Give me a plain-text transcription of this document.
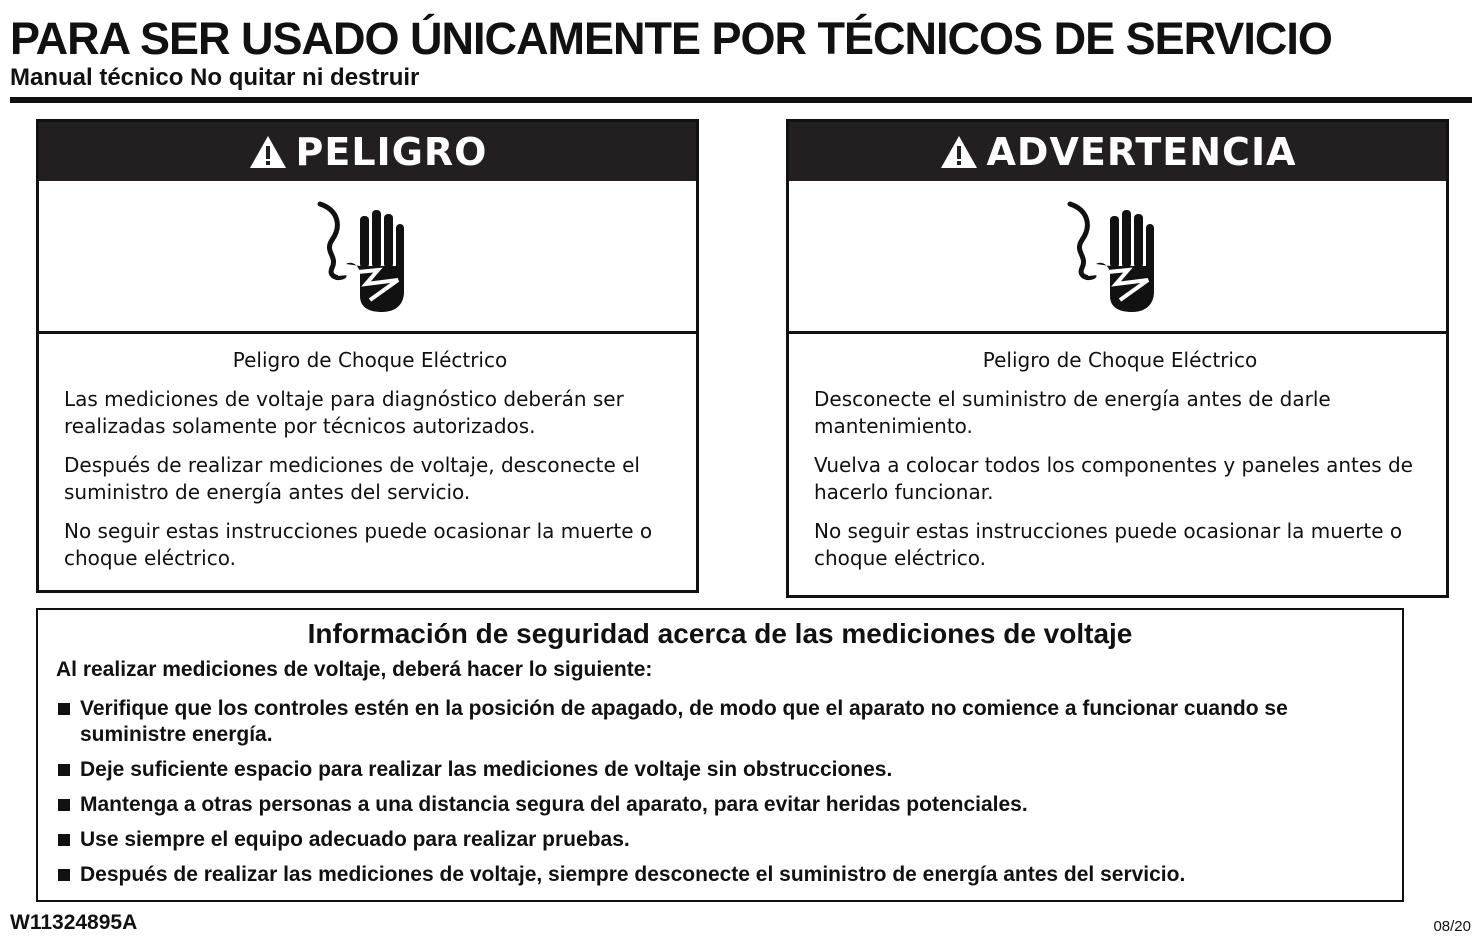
PARA SER USADO ÚNICAMENTE POR TÉCNICOS DE SERVICIO
Manual técnico No quitar ni destruir
PELIGRO
Peligro de Choque Eléctrico
Las mediciones de voltaje para diagnóstico deberán ser realizadas solamente por técnicos autorizados.
Después de realizar mediciones de voltaje, desconecte el suministro de energía antes del servicio.
No seguir estas instrucciones puede ocasionar la muerte o choque eléctrico.
ADVERTENCIA
Peligro de Choque Eléctrico
Desconecte el suministro de energía antes de darle mantenimiento.
Vuelva a colocar todos los componentes y paneles antes de hacerlo funcionar.
No seguir estas instrucciones puede ocasionar la muerte o choque eléctrico.
Información de seguridad acerca de las mediciones de voltaje
Al realizar mediciones de voltaje, deberá hacer lo siguiente:
Verifique que los controles estén en la posición de apagado, de modo que el aparato no comience a funcionar cuando se suministre energía.
Deje suficiente espacio para realizar las mediciones de voltaje sin obstrucciones.
Mantenga a otras personas a una distancia segura del aparato, para evitar heridas potenciales.
Use siempre el equipo adecuado para realizar pruebas.
Después de realizar las mediciones de voltaje, siempre desconecte el suministro de energía antes del servicio.
W11324895A	08/20
